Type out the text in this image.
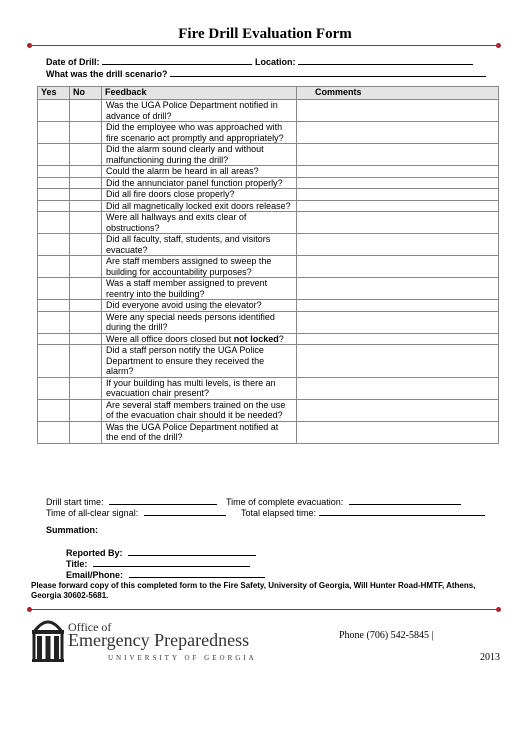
Fire Drill Evaluation Form
Date of Drill:	Location:
What was the drill scenario?
Yes	No	Feedback	Comments
		Was the UGA Police Department notified in advance of drill?	
		Did the employee who was approached with fire scenario act promptly and appropriately?	
		Did the alarm sound clearly and without malfunctioning during the drill?	
		Could the alarm be heard in all areas?	
		Did the annunciator panel function properly?	
		Did all fire doors close properly?	
		Did all magnetically locked exit doors release?	
		Were all hallways and exits clear of obstructions?	
		Did all faculty, staff, students, and visitors evacuate?	
		Are staff members assigned to sweep the building for accountability purposes?	
		Was a staff member assigned to prevent reentry into the building?	
		Did everyone avoid using the elevator?	
		Were any special needs persons identified during the drill?	
		Were all office doors closed but not locked?	
		Did a staff person notify the UGA Police Department to ensure they received the alarm?	
		If your building has multi levels, is there an evacuation chair present?	
		Are several staff members trained on the use of the evacuation chair should it be needed?	
		Was the UGA Police Department notified at the end of the drill?	
Drill start time:	Time of complete evacuation:
Time of all-clear signal:	Total elapsed time:
Summation:
Reported By:
Title:
Email/Phone:
Please forward copy of this completed form to the Fire Safety, University of Georgia, Will Hunter Road-HMTF, Athens, Georgia 30602-5681.
Office of
Emergency Preparedness
UNIVERSITY OF GEORGIA
Phone (706) 542-5845 |
2013
